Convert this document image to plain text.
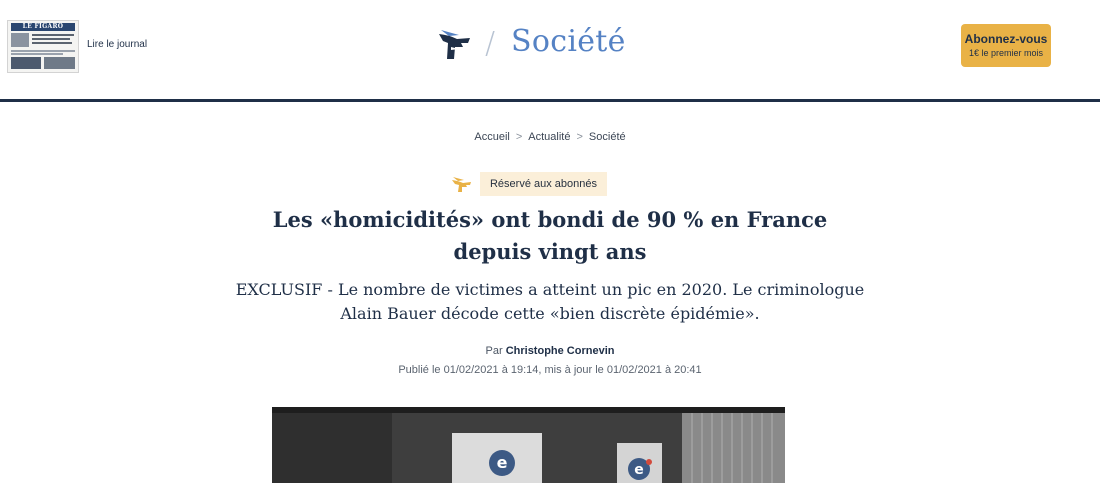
LE FIGARO
Lire le journal	/ Société	Abonnez-vous
1€ le premier mois
Accueil > Actualité > Société
Réservé aux abonnés
Les «homicidités» ont bondi de 90 % en France depuis vingt ans

EXCLUSIF - Le nombre de victimes a atteint un pic en 2020. Le criminologue Alain Bauer décode cette «bien discrète épidémie».

Par Christophe Cornevin
Publié le 01/02/2021 à 19:14, mis à jour le 01/02/2021 à 20:41
e	e
